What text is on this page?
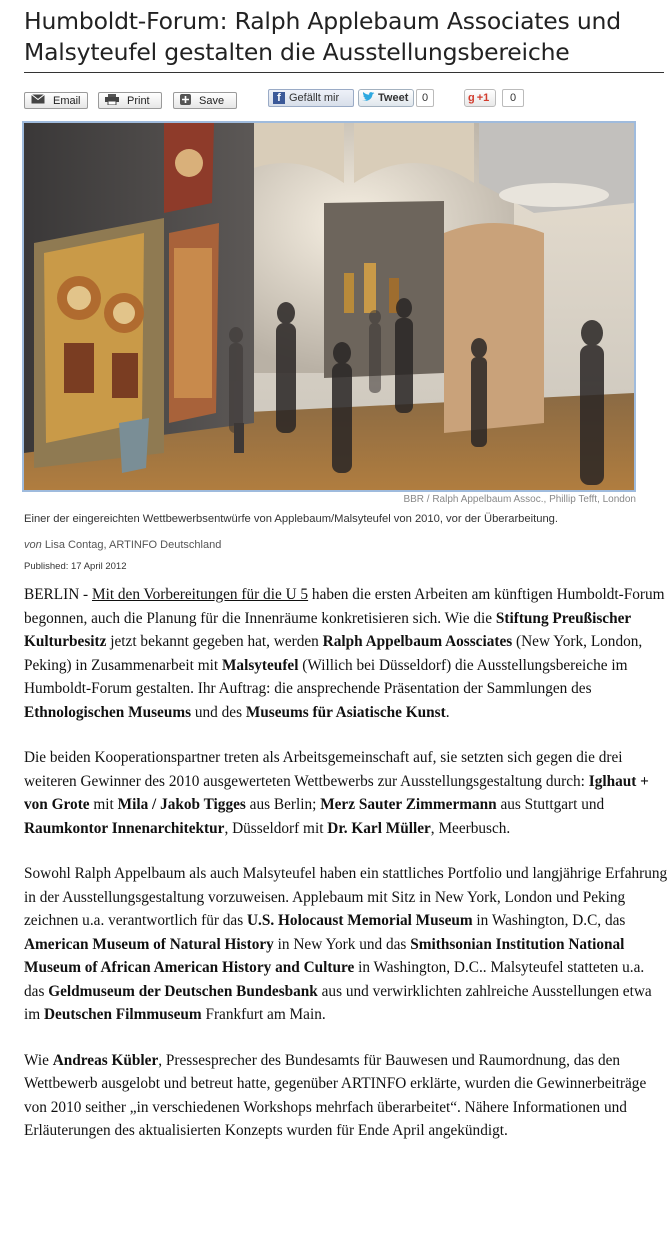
Humboldt-Forum: Ralph Applebaum Associates und
Malsyteufel gestalten die Ausstellungsbereiche
Email	Print	Save	f Gefällt mir	Tweet	0	g +1	0
BBR / Ralph Appelbaum Assoc., Phillip Tefft, London
Einer der eingereichten Wettbewerbsentwürfe von Applebaum/Malsyteufel von 2010, vor der Überarbeitung.
von Lisa Contag, ARTINFO Deutschland
Published: 17 April 2012

BERLIN - Mit den Vorbereitungen für die U 5 haben die ersten Arbeiten am künftigen Humboldt-Forum begonnen, auch die Planung für die Innenräume konkretisieren sich. Wie die Stiftung Preußischer Kulturbesitz jetzt bekannt gegeben hat, werden Ralph Appelbaum Aossciates (New York, London, Peking) in Zusammenarbeit mit Malsyteufel (Willich bei Düsseldorf) die Ausstellungsbereiche im Humboldt-Forum gestalten. Ihr Auftrag: die ansprechende Präsentation der Sammlungen des Ethnologischen Museums und des Museums für Asiatische Kunst.

Die beiden Kooperationspartner treten als Arbeitsgemeinschaft auf, sie setzten sich gegen die drei weiteren Gewinner des 2010 ausgewerteten Wettbewerbs zur Ausstellungsgestaltung durch: Iglhaut + von Grote mit Mila / Jakob Tigges aus Berlin; Merz Sauter Zimmermann aus Stuttgart und Raumkontor Innenarchitektur, Düsseldorf mit Dr. Karl Müller, Meerbusch.

Sowohl Ralph Appelbaum als auch Malsyteufel haben ein stattliches Portfolio und langjährige Erfahrung in der Ausstellungsgestaltung vorzuweisen. Applebaum mit Sitz in New York, London und Peking zeichnen u.a. verantwortlich für das U.S. Holocaust Memorial Museum in Washington, D.C, das American Museum of Natural History in New York und das Smithsonian Institution National Museum of African American History and Culture in Washington, D.C.. Malsyteufel statteten u.a. das Geldmuseum der Deutschen Bundesbank aus und verwirklichten zahlreiche Ausstellungen etwa im Deutschen Filmmuseum Frankfurt am Main.

Wie Andreas Kübler, Pressesprecher des Bundesamts für Bauwesen und Raumordnung, das den Wettbewerb ausgelobt und betreut hatte, gegenüber ARTINFO erklärte, wurden die Gewinnerbeiträge von 2010 seither „in verschiedenen Workshops mehrfach überarbeitet“. Nähere Informationen und Erläuterungen des aktualisierten Konzepts wurden für Ende April angekündigt.
